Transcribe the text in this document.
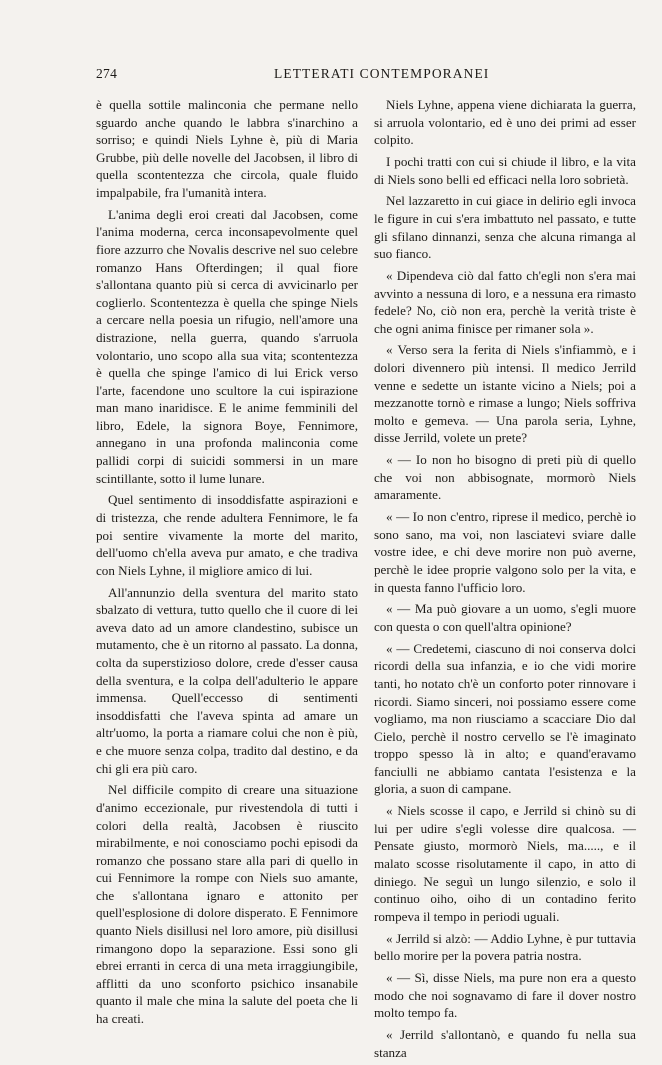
274	LETTERATI CONTEMPORANEI

è quella sottile malinconia che permane nello sguardo anche quando le labbra s'inarchino a sorriso; e quindi Niels Lyhne è, più di Maria Grubbe, più delle novelle del Jacobsen, il libro di quella scontentezza che circola, quale fluido impalpabile, fra l'umanità intera.

L'anima degli eroi creati dal Jacobsen, come l'anima moderna, cerca inconsapevolmente quel fiore azzurro che Novalis descrive nel suo celebre romanzo Hans Ofterdingen; il qual fiore s'allontana quanto più si cerca di avvicinarlo per coglierlo. Scontentezza è quella che spinge Niels a cercare nella poesia un rifugio, nell'amore una distrazione, nella guerra, quando s'arruola volontario, uno scopo alla sua vita; scontentezza è quella che spinge l'amico di lui Erick verso l'arte, facendone uno scultore la cui ispirazione man mano inaridisce. E le anime femminili del libro, Edele, la signora Boye, Fennimore, annegano in una profonda malinconia come pallidi corpi di suicidi sommersi in un mare scintillante, sotto il lume lunare.

Quel sentimento di insoddisfatte aspirazioni e di tristezza, che rende adultera Fennimore, le fa poi sentire vivamente la morte del marito, dell'uomo ch'ella aveva pur amato, e che tradiva con Niels Lyhne, il migliore amico di lui.

All'annunzio della sventura del marito stato sbalzato di vettura, tutto quello che il cuore di lei aveva dato ad un amore clandestino, subisce un mutamento, che è un ritorno al passato. La donna, colta da superstizioso dolore, crede d'esser causa della sventura, e la colpa dell'adulterio le appare immensa. Quell'eccesso di sentimenti insoddisfatti che l'aveva spinta ad amare un altr'uomo, la porta a riamare colui che non è più, e che muore senza colpa, tradito dal destino, e da chi gli era più caro.

Nel difficile compito di creare una situazione d'animo eccezionale, pur rivestendola di tutti i colori della realtà, Jacobsen è riuscito mirabilmente, e noi conosciamo pochi episodi da romanzo che possano stare alla pari di quello in cui Fennimore la rompe con Niels suo amante, che s'allontana ignaro e attonito per quell'esplosione di dolore disperato. E Fennimore quanto Niels disillusi nel loro amore, più disillusi rimangono dopo la separazione. Essi sono gli ebrei erranti in cerca di una meta irraggiungibile, afflitti da uno sconforto psichico insanabile quanto il male che mina la salute del poeta che li ha creati.

Niels Lyhne, appena viene dichiarata la guerra, si arruola volontario, ed è uno dei primi ad esser colpito.

I pochi tratti con cui si chiude il libro, e la vita di Niels sono belli ed efficaci nella loro sobrietà.

Nel lazzaretto in cui giace in delirio egli invoca le figure in cui s'era imbattuto nel passato, e tutte gli sfilano dinnanzi, senza che alcuna rimanga al suo fianco.

« Dipendeva ciò dal fatto ch'egli non s'era mai avvinto a nessuna di loro, e a nessuna era rimasto fedele? No, ciò non era, perchè la verità triste è che ogni anima finisce per rimaner sola ».

« Verso sera la ferita di Niels s'infiammò, e i dolori divennero più intensi. Il medico Jerrild venne e sedette un istante vicino a Niels; poi a mezzanotte tornò e rimase a lungo; Niels soffriva molto e gemeva. — Una parola seria, Lyhne, disse Jerrild, volete un prete?

« — Io non ho bisogno di preti più di quello che voi non abbisognate, mormorò Niels amaramente.

« — Io non c'entro, riprese il medico, perchè io sono sano, ma voi, non lasciatevi sviare dalle vostre idee, e chi deve morire non può averne, perchè le idee proprie valgono solo per la vita, e in questa fanno l'ufficio loro.

« — Ma può giovare a un uomo, s'egli muore con questa o con quell'altra opinione?

« — Credetemi, ciascuno di noi conserva dolci ricordi della sua infanzia, e io che vidi morire tanti, ho notato ch'è un conforto poter rinnovare i ricordi. Siamo sinceri, noi possiamo essere come vogliamo, ma non riusciamo a scacciare Dio dal Cielo, perchè il nostro cervello se l'è imaginato troppo spesso là in alto; e quand'eravamo fanciulli ne abbiamo cantata l'esistenza e la gloria, a suon di campane.

« Niels scosse il capo, e Jerrild si chinò su di lui per udire s'egli volesse dire qualcosa. — Pensate giusto, mormorò Niels, ma....., e il malato scosse risolutamente il capo, in atto di diniego. Ne seguì un lungo silenzio, e solo il continuo oiho, oiho di un contadino ferito rompeva il tempo in periodi uguali.

« Jerrild si alzò: — Addio Lyhne, è pur tuttavia bello morire per la povera patria nostra.

« — Sì, disse Niels, ma pure non era a questo modo che noi sognavamo di fare il dover nostro molto tempo fa.

« Jerrild s'allontanò, e quando fu nella sua stanza
